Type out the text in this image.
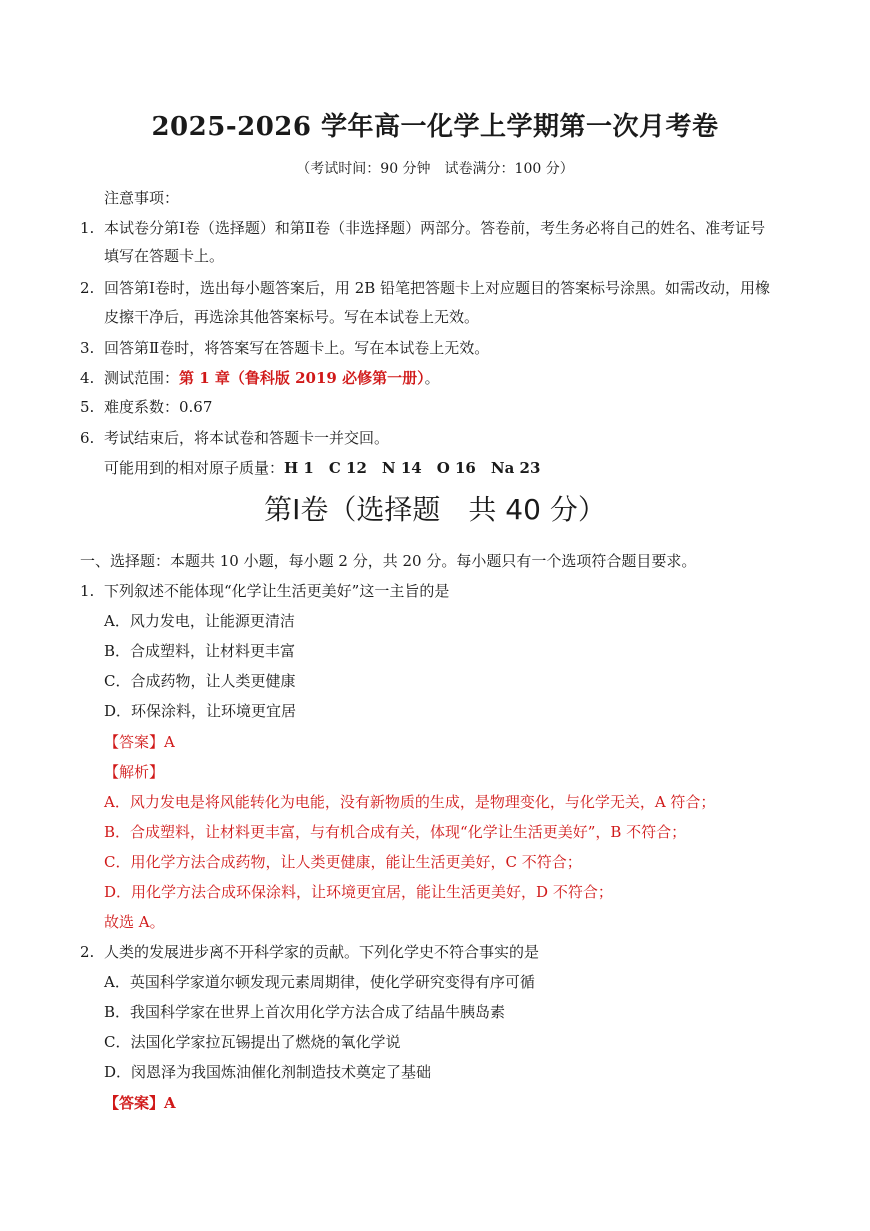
2025-2026 学年高一化学上学期第一次月考卷
（考试时间：90 分钟　试卷满分：100 分）
注意事项：
1. 本试卷分第Ⅰ卷（选择题）和第Ⅱ卷（非选择题）两部分。答卷前，考生务必将自己的姓名、准考证号
填写在答题卡上。
2. 回答第Ⅰ卷时，选出每小题答案后，用 2B 铅笔把答题卡上对应题目的答案标号涂黑。如需改动，用橡
皮擦干净后，再选涂其他答案标号。写在本试卷上无效。
3. 回答第Ⅱ卷时，将答案写在答题卡上。写在本试卷上无效。
4. 测试范围：第 1 章（鲁科版 2019 必修第一册）。
5. 难度系数：0.67
6. 考试结束后，将本试卷和答题卡一并交回。
可能用到的相对原子质量：H 1　C 12　N 14　O 16　Na 23
第Ⅰ卷（选择题　共 40 分）
一、选择题：本题共 10 小题，每小题 2 分，共 20 分。每小题只有一个选项符合题目要求。
1. 下列叙述不能体现“化学让生活更美好”这一主旨的是
A．风力发电，让能源更清洁
B．合成塑料，让材料更丰富
C．合成药物，让人类更健康
D．环保涂料，让环境更宜居
【答案】A
【解析】
A．风力发电是将风能转化为电能，没有新物质的生成，是物理变化，与化学无关，A 符合；
B．合成塑料，让材料更丰富，与有机合成有关，体现“化学让生活更美好”，B 不符合；
C．用化学方法合成药物，让人类更健康，能让生活更美好，C 不符合；
D．用化学方法合成环保涂料，让环境更宜居，能让生活更美好，D 不符合；
故选 A。
2. 人类的发展进步离不开科学家的贡献。下列化学史不符合事实的是
A．英国科学家道尔顿发现元素周期律，使化学研究变得有序可循
B．我国科学家在世界上首次用化学方法合成了结晶牛胰岛素
C．法国化学家拉瓦锡提出了燃烧的氧化学说
D．闵恩泽为我国炼油催化剂制造技术奠定了基础
【答案】A
